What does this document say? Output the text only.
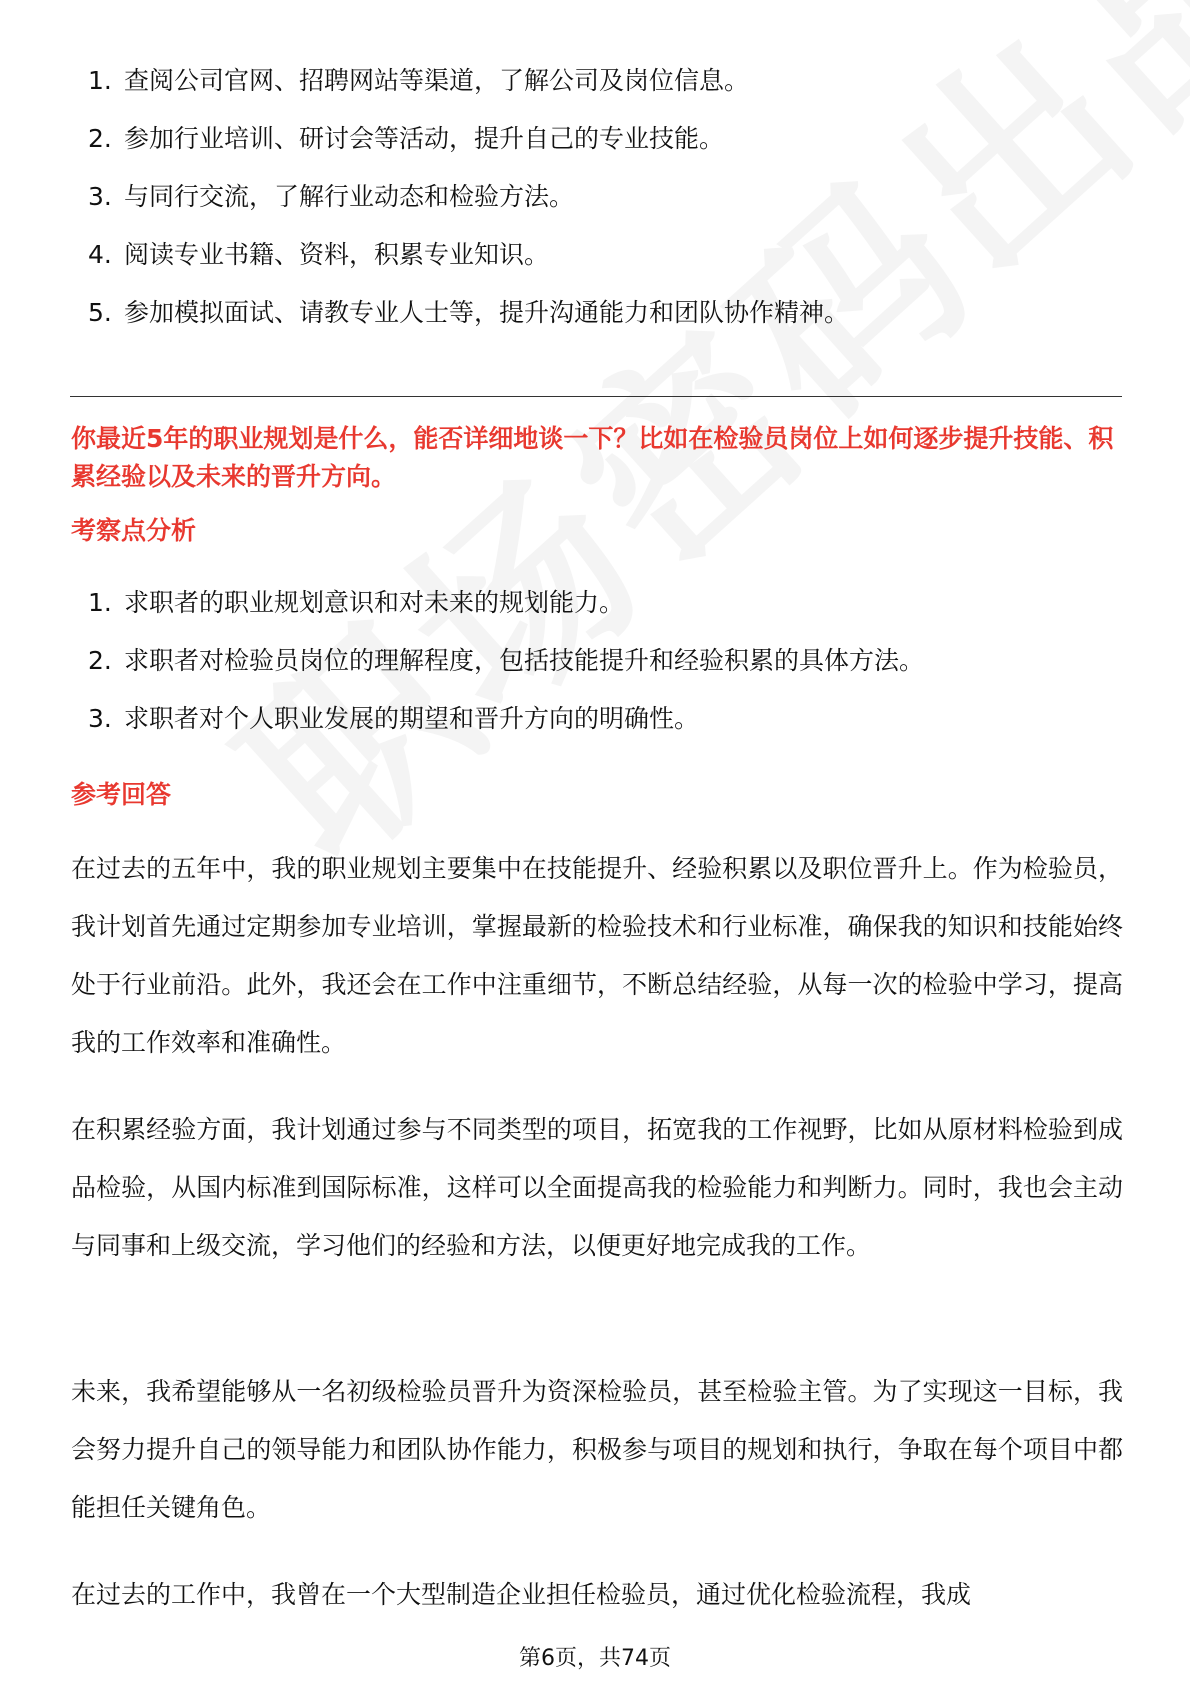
1. 查阅公司官网、招聘网站等渠道，了解公司及岗位信息。
2. 参加行业培训、研讨会等活动，提升自己的专业技能。
3. 与同行交流，了解行业动态和检验方法。
4. 阅读专业书籍、资料，积累专业知识。
5. 参加模拟面试、请教专业人士等，提升沟通能力和团队协作精神。
你最近5年的职业规划是什么，能否详细地谈一下？比如在检验员岗位上如何逐步提升技能、积累经验以及未来的晋升方向。
考察点分析
1. 求职者的职业规划意识和对未来的规划能力。
2. 求职者对检验员岗位的理解程度，包括技能提升和经验积累的具体方法。
3. 求职者对个人职业发展的期望和晋升方向的明确性。
参考回答

在过去的五年中，我的职业规划主要集中在技能提升、经验积累以及职位晋升上。作为检验员，我计划首先通过定期参加专业培训，掌握最新的检验技术和行业标准，确保我的知识和技能始终处于行业前沿。此外，我还会在工作中注重细节，不断总结经验，从每一次的检验中学习，提高我的工作效率和准确性。

在积累经验方面，我计划通过参与不同类型的项目，拓宽我的工作视野，比如从原材料检验到成品检验，从国内标准到国际标准，这样可以全面提高我的检验能力和判断力。同时，我也会主动与同事和上级交流，学习他们的经验和方法，以便更好地完成我的工作。

未来，我希望能够从一名初级检验员晋升为资深检验员，甚至检验主管。为了实现这一目标，我会努力提升自己的领导能力和团队协作能力，积极参与项目的规划和执行，争取在每个项目中都能担任关键角色。

在过去的工作中，我曾在一个大型制造企业担任检验员，通过优化检验流程，我成

第6页，共74页
